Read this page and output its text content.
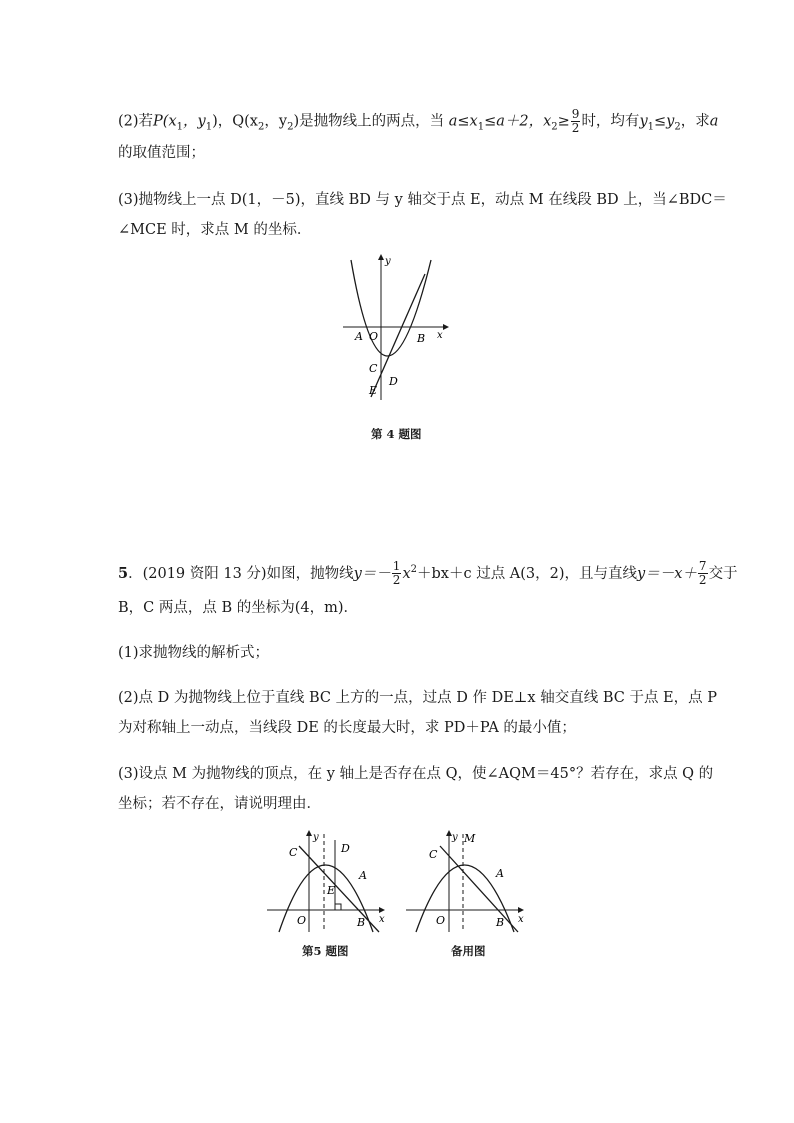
(2)若$P(x_1$，$y_1$)，$Q(x_2$，$y_2$)是抛物线上的两点，当 $a\le x_1\le a+2$，$x_2\ge \frac{9}{2}$ 时，均有$y_1\le y_2$，求a
的取值范围；
(3)抛物线上一点 D(1，－5)，直线 BD 与 y 轴交于点 E，动点 M 在线段 BD 上，当∠BDC＝
∠MCE 时，求点 M 的坐标．
y
x
A O	B
C
D
E
第 4 题图
5．(2019 资阳 13 分)如图，抛物线$y=- \frac{1}{2} x^2+bx+c$ 过点 A(3，2)，且与直线$y=-x+ \frac{7}{2}$ 交于
B，C 两点，点 B 的坐标为(4，m)．
(1)求抛物线的解析式；
(2)点 D 为抛物线上位于直线 BC 上方的一点，过点 D 作 DE⊥x 轴交直线 BC 于点 E，点 P
为对称轴上一动点，当线段 DE 的长度最大时，求 PD＋PA 的最小值；
(3)设点 M 为抛物线的顶点，在 y 轴上是否存在点 Q，使∠AQM＝45°？若存在，求点 Q 的
坐标；若不存在，请说明理由．
y
x
C	D
A
E
O	B
第5 题图
y M
x
C
A
O	B
备用图
